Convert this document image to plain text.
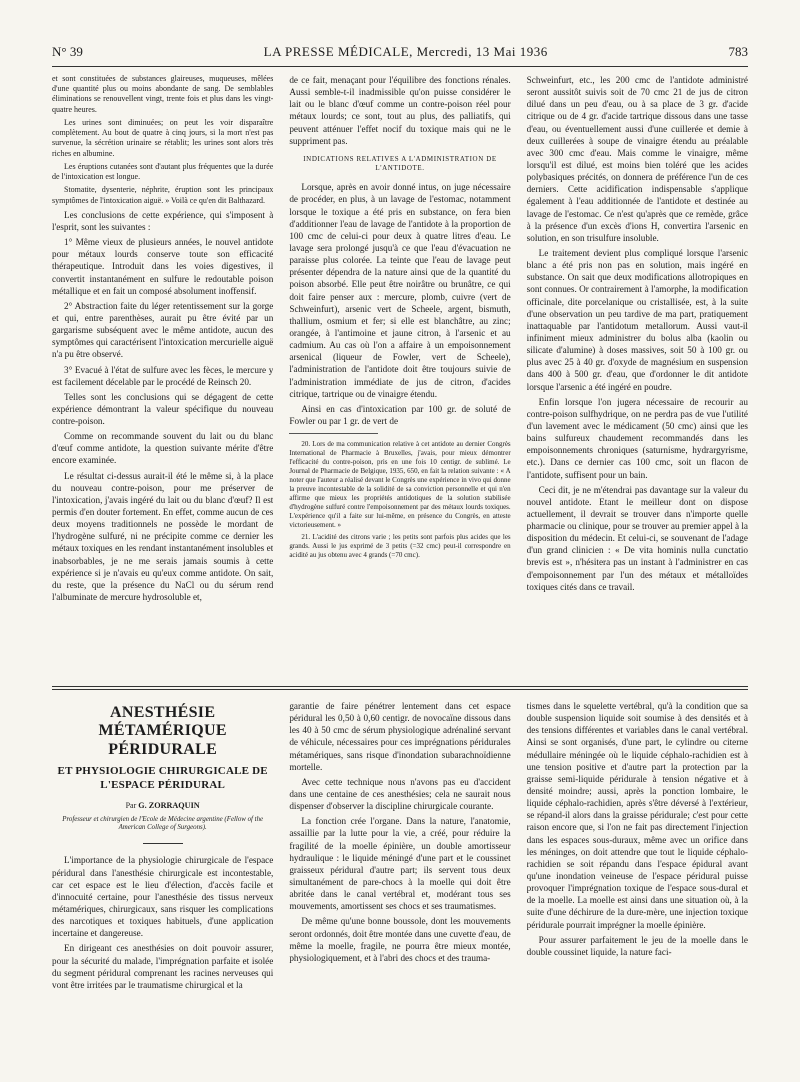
N° 39	LA PRESSE MÉDICALE, Mercredi, 13 Mai 1936	783

et sont constituées de substances glaireuses, muqueuses, mêlées d'une quantité plus ou moins abondante de sang. De semblables éliminations se renouvellent vingt, trente fois et plus dans les vingt-quatre heures.

Les urines sont diminuées; on peut les voir disparaître complètement. Au bout de quatre à cinq jours, si la mort n'est pas survenue, la sécrétion urinaire se rétablit; les urines sont alors très riches en albumine.

Les éruptions cutanées sont d'autant plus fréquentes que la durée de l'intoxication est longue.

Stomatite, dysenterie, néphrite, éruption sont les principaux symptômes de l'intoxication aiguë. » Voilà ce qu'en dit Balthazard.

Les conclusions de cette expérience, qui s'imposent à l'esprit, sont les suivantes :

1° Même vieux de plusieurs années, le nouvel antidote pour métaux lourds conserve toute son efficacité thérapeutique. Introduit dans les voies digestives, il convertit instantanément en sulfure le redoutable poison métallique et en fait un composé absolument inoffensif.

2° Abstraction faite du léger retentissement sur la gorge et qui, entre parenthèses, aurait pu être évité par un gargarisme subséquent avec le même antidote, aucun des symptômes qui caractérisent l'intoxication mercurielle aiguë n'a pu être observé.

3° Evacué à l'état de sulfure avec les fèces, le mercure y est facilement décelable par le procédé de Reinsch 20.

Telles sont les conclusions qui se dégagent de cette expérience démontrant la valeur spécifique du nouveau contre-poison.

Comme on recommande souvent du lait ou du blanc d'œuf comme antidote, la question suivante mérite d'être encore examinée.

Le résultat ci-dessus aurait-il été le même si, à la place du nouveau contre-poison, pour me préserver de l'intoxication, j'avais ingéré du lait ou du blanc d'œuf? Il est permis d'en douter fortement. En effet, comme aucun de ces deux moyens traditionnels ne possède le mordant de l'hydrogène sulfuré, ni ne précipite comme ce dernier les métaux toxiques en les rendant instantanément insolubles et inabsorbables, je ne me serais jamais soumis à cette expérience si je n'avais eu qu'eux comme antidote. On sait, du reste, que la présence du NaCl ou du sérum rend l'albuminate de mercure hydrosoluble et,

de ce fait, menaçant pour l'équilibre des fonctions rénales. Aussi semble-t-il inadmissible qu'on puisse considérer le lait ou le blanc d'œuf comme un contre-poison réel pour métaux lourds; ce sont, tout au plus, des palliatifs, qui peuvent atténuer l'effet nocif du toxique mais qui ne le suppriment pas.

INDICATIONS RELATIVES A L'ADMINISTRATION DE L'ANTIDOTE.

Lorsque, après en avoir donné intus, on juge nécessaire de procéder, en plus, à un lavage de l'estomac, notamment lorsque le toxique a été pris en substance, on fera bien d'additionner l'eau de lavage de l'antidote à la proportion de 100 cmc de celui-ci pour deux à quatre litres d'eau. Le lavage sera prolongé jusqu'à ce que l'eau d'évacuation ne paraisse plus colorée. La teinte que l'eau de lavage peut présenter dépendra de la nature ainsi que de la quantité du poison absorbé. Elle peut être noirâtre ou brunâtre, ce qui doit faire penser aux : mercure, plomb, cuivre (vert de Schweinfurt), arsenic vert de Scheele, argent, bismuth, thallium, osmium et fer; si elle est blanchâtre, au zinc; orangée, à l'antimoine et jaune citron, à l'arsenic et au cadmium. Au cas où l'on a affaire à un empoisonnement arsenical (liqueur de Fowler, vert de Scheele), l'administration de l'antidote doit être toujours suivie de l'administration immédiate de jus de citron, d'acides citrique, tartrique ou de vinaigre étendu.

Ainsi en cas d'intoxication par 100 gr. de soluté de Fowler ou par 1 gr. de vert de

20. Lors de ma communication relative à cet antidote au dernier Congrès International de Pharmacie à Bruxelles, j'avais, pour mieux démontrer l'efficacité du contre-poison, pris en une fois 10 centigr. de sublimé. Le Journal de Pharmacie de Belgique, 1935, 650, en fait la relation suivante : « A noter que l'auteur a réalisé devant le Congrès une expérience in vivo qui donne la preuve incontestable de la solidité de sa conviction personnelle et qui n'en affirme que mieux les propriétés antidotiques de la solution stabilisée d'hydrogène sulfuré contre l'empoisonnement par des métaux lourds toxiques. L'expérience qu'il a faite sur lui-même, en présence du Congrès, en atteste victorieusement. »

21. L'acidité des citrons varie ; les petits sont parfois plus acides que les grands. Aussi le jus exprimé de 3 petits (=32 cmc) peut-il correspondre en acidité au jus obtenu avec 4 grands (=70 cmc).

Schweinfurt, etc., les 200 cmc de l'antidote administré seront aussitôt suivis soit de 70 cmc 21 de jus de citron dilué dans un peu d'eau, ou à sa place de 3 gr. d'acide citrique ou de 4 gr. d'acide tartrique dissous dans une tasse d'eau, ou éventuellement aussi d'une cuillerée et demie à deux cuillerées à soupe de vinaigre étendu au préalable avec 300 cmc d'eau. Mais comme le vinaigre, même lorsqu'il est dilué, est moins bien toléré que les acides polybasiques précités, on donnera de préférence l'un de ces derniers. Cette acidification indispensable s'applique également à l'eau additionnée de l'antidote et destinée au lavage de l'estomac. Ce n'est qu'après que ce remède, grâce à la présence d'un excès d'ions H, convertira l'arsenic en solution, en son trisulfure insoluble.

Le traitement devient plus compliqué lorsque l'arsenic blanc a été pris non pas en solution, mais ingéré en substance. On sait que deux modifications allotropiques en sont connues. Or contrairement à l'amorphe, la modification officinale, dite porcelanique ou cristallisée, est, à la suite d'une observation un peu tardive de ma part, pratiquement inattaquable par l'antidotum metallorum. Aussi vaut-il infiniment mieux administrer du bolus alba (kaolin ou silicate d'alumine) à doses massives, soit 50 à 100 gr. ou plus avec 25 à 40 gr. d'oxyde de magnésium en suspension dans 400 à 500 gr. d'eau, que d'ordonner le dit antidote lorsque l'arsenic a été ingéré en poudre.

Enfin lorsque l'on jugera nécessaire de recourir au contre-poison sulfhydrique, on ne perdra pas de vue l'utilité d'un lavement avec le médicament (50 cmc) ainsi que les bains sulfureux chaudement recommandés dans les empoisonnements chroniques (saturnisme, hydrargyrisme, etc.). Dans ce dernier cas 100 cmc, soit un flacon de l'antidote, suffisent pour un bain.

Ceci dit, je ne m'étendrai pas davantage sur la valeur du nouvel antidote. Etant le meilleur dont on dispose actuellement, il devrait se trouver dans n'importe quelle pharmacie ou clinique, pour se trouver au premier appel à la disposition du médecin. Et celui-ci, se souvenant de l'adage d'un grand clinicien : « De vita hominis nulla cunctatio brevis est », n'hésitera pas un instant à l'administrer en cas d'empoisonnement par l'un des métaux et métalloïdes toxiques cités dans ce travail.

ANESTHÉSIE MÉTAMÉRIQUE PÉRIDURALE
ET PHYSIOLOGIE CHIRURGICALE DE L'ESPACE PÉRIDURAL
Par G. ZORRAQUIN
Professeur et chirurgien de l'Ecole de Médecine argentine (Fellow of the American College of Surgeons).

L'importance de la physiologie chirurgicale de l'espace péridural dans l'anesthésie chirurgicale est incontestable, car cet espace est le lieu d'élection, d'accès facile et d'innocuité certaine, pour l'anesthésie des tissus nerveux métamériques, chirurgicaux, sans risquer les complications des narcotiques et toxiques habituels, d'une application incertaine et dangereuse.

En dirigeant ces anesthésies on doit pouvoir assurer, pour la sécurité du malade, l'imprégnation parfaite et isolée du segment péridural comprenant les racines nerveuses qui vont être irritées par le traumatisme chirurgical et la

garantie de faire pénétrer lentement dans cet espace péridural les 0,50 à 0,60 centigr. de novocaïne dissous dans les 40 à 50 cmc de sérum physiologique adrénaliné servant de véhicule, nécessaires pour ces imprégnations péridurales métamériques, sans risque d'inondation subarachnoïdienne mortelle.

Avec cette technique nous n'avons pas eu d'accident dans une centaine de ces anesthésies; cela ne saurait nous dispenser d'observer la discipline chirurgicale courante.

La fonction crée l'organe. Dans la nature, l'anatomie, assaillie par la lutte pour la vie, a créé, pour réduire la fragilité de la moelle épinière, un double amortisseur hydraulique : le liquide méningé d'une part et le coussinet graisseux péridural d'autre part; ils servent tous deux simultanément de pare-chocs à la moelle qui doit être abritée dans le canal vertébral et, modérant tous ses mouvements, amortissent ses chocs et ses traumatismes.

De même qu'une bonne boussole, dont les mouvements seront ordonnés, doit être montée dans une cuvette d'eau, de même la moelle, fragile, ne pourra être mieux montée, physiologiquement, et à l'abri des chocs et des trauma-

tismes dans le squelette vertébral, qu'à la condition que sa double suspension liquide soit soumise à des densités et à des tensions différentes et variables dans le canal vertébral. Ainsi se sont organisés, d'une part, le cylindre ou citerne médullaire méningée où le liquide céphalo-rachidien est à une tension positive et d'autre part la protection par la graisse semi-liquide péridurale à tension négative et à densité moindre; aussi, après la ponction lombaire, le liquide céphalo-rachidien, après s'être déversé à l'extérieur, se répand-il alors dans la graisse péridurale; c'est pour cette raison encore que, si l'on ne fait pas directement l'injection dans les espaces sous-duraux, même avec un orifice dans les méninges, on doit attendre que tout le liquide céphalo-rachidien se soit répandu dans l'espace épidural avant qu'une inondation veineuse de l'espace péridural puisse provoquer l'imprégnation toxique de l'espace sous-dural et de la moelle. La moelle est ainsi dans une situation où, à la suite d'une déchirure de la dure-mère, une injection toxique péridurale pourrait imprégner la moelle épinière.

Pour assurer parfaitement le jeu de la moelle dans le double coussinet liquide, la nature faci-
